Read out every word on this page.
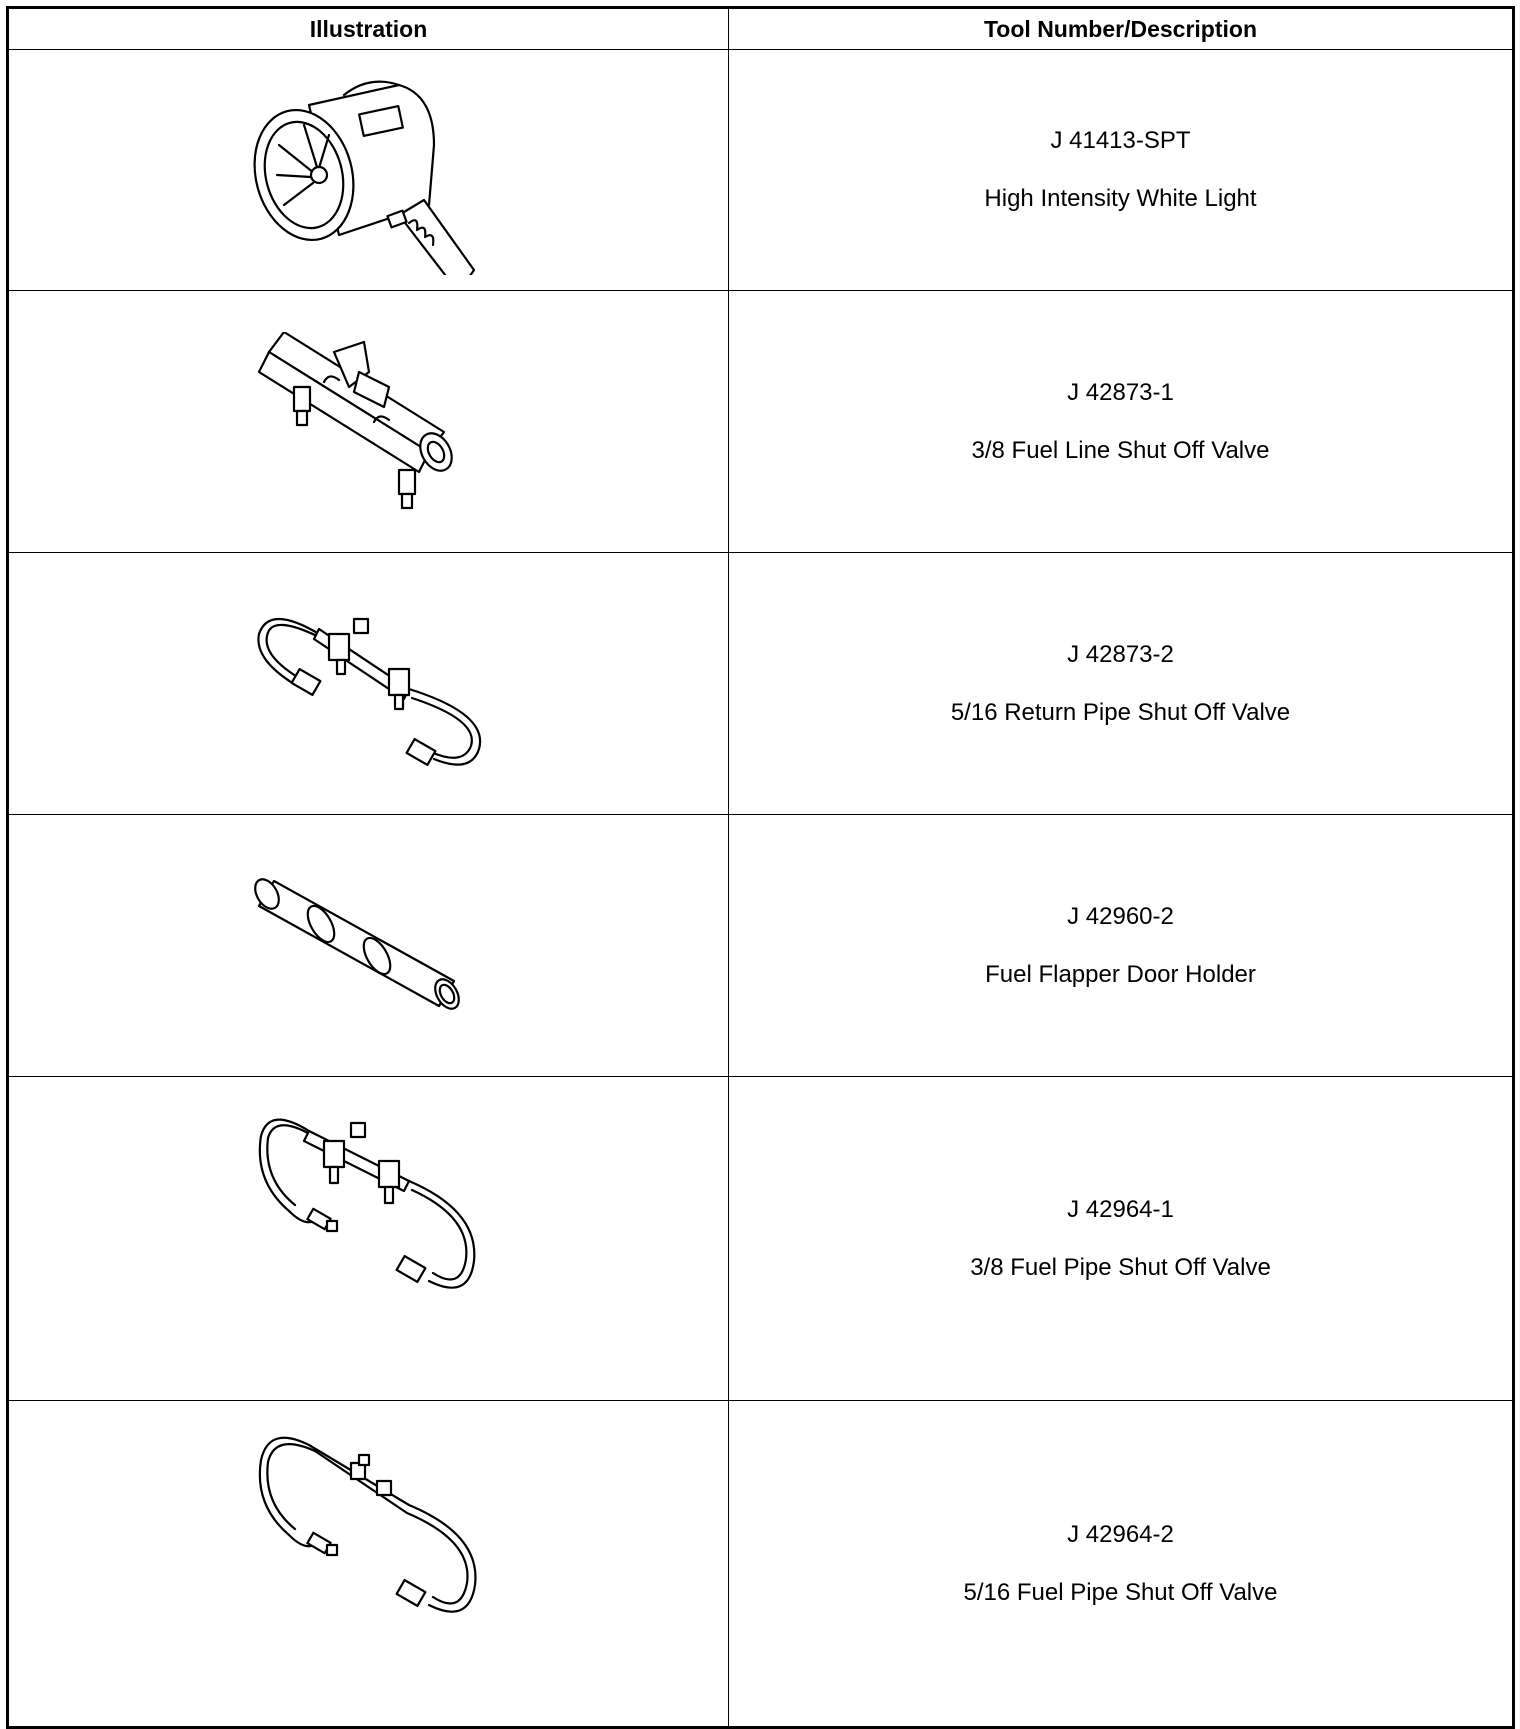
Illustration	Tool Number/Description

J 41413-SPT
High Intensity White Light

J 42873-1
3/8 Fuel Line Shut Off Valve

J 42873-2
5/16 Return Pipe Shut Off Valve

J 42960-2
Fuel Flapper Door Holder

J 42964-1
3/8 Fuel Pipe Shut Off Valve

J 42964-2
5/16 Fuel Pipe Shut Off Valve
